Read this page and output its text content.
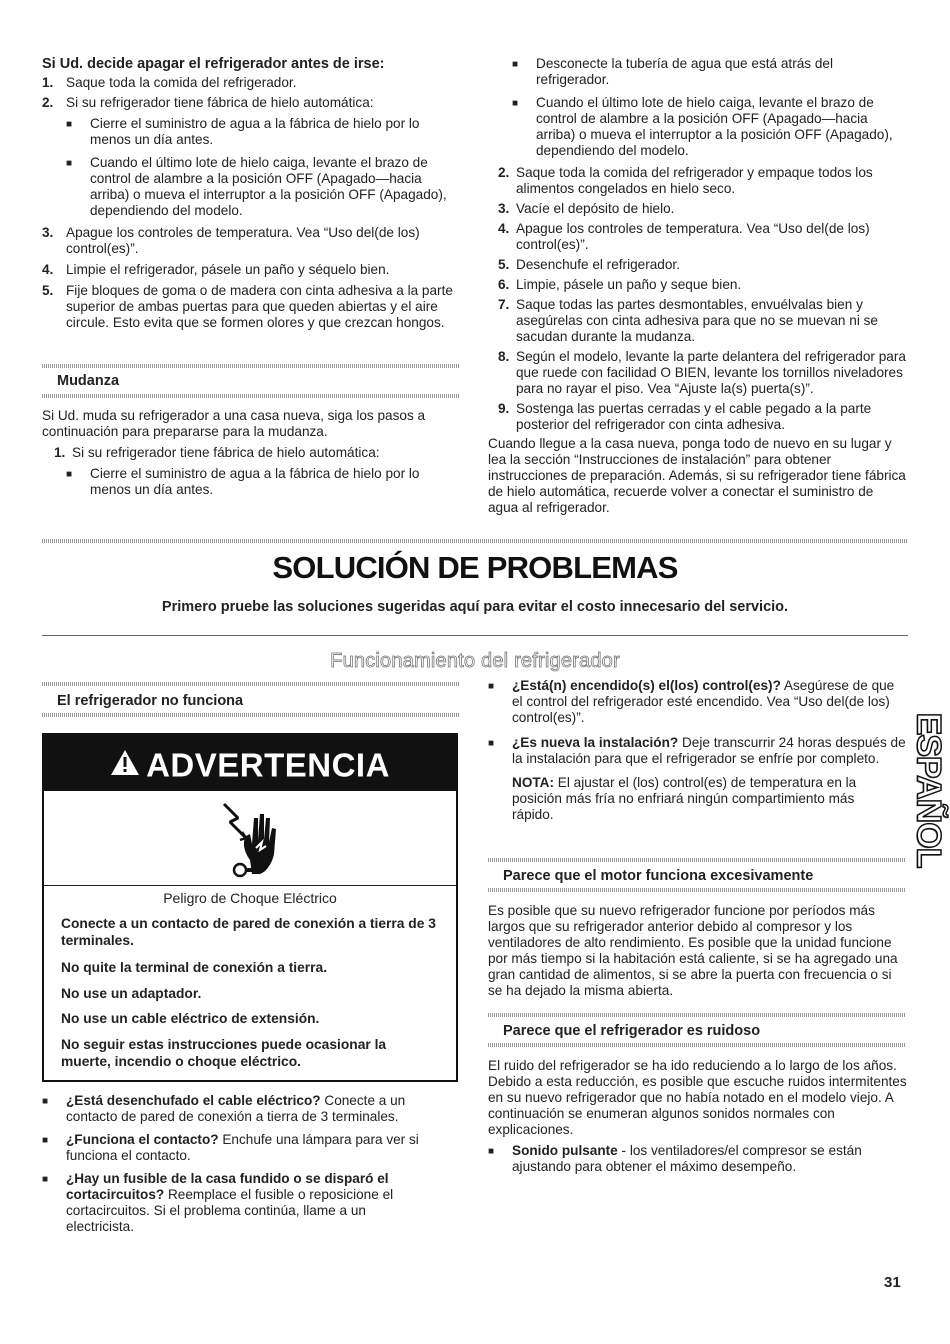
Si Ud. decide apagar el refrigerador antes de irse:

1. Saque toda la comida del refrigerador.

2. Si su refrigerador tiene fábrica de hielo automática:

■ Cierre el suministro de agua a la fábrica de hielo por lo menos un día antes.

■ Cuando el último lote de hielo caiga, levante el brazo de control de alambre a la posición OFF (Apagado—hacia arriba) o mueva el interruptor a la posición OFF (Apagado), dependiendo del modelo.

3. Apague los controles de temperatura. Vea “Uso del(de los) control(es)”.

4. Limpie el refrigerador, pásele un paño y séquelo bien.

5. Fije bloques de goma o de madera con cinta adhesiva a la parte superior de ambas puertas para que queden abiertas y el aire circule. Esto evita que se formen olores y que crezcan hongos.

Mudanza

Si Ud. muda su refrigerador a una casa nueva, siga los pasos a continuación para prepararse para la mudanza.

1. Si su refrigerador tiene fábrica de hielo automática:

■ Cierre el suministro de agua a la fábrica de hielo por lo menos un día antes.

■ Desconecte la tubería de agua que está atrás del refrigerador.

■ Cuando el último lote de hielo caiga, levante el brazo de control de alambre a la posición OFF (Apagado—hacia arriba) o mueva el interruptor a la posición OFF (Apagado), dependiendo del modelo.

2. Saque toda la comida del refrigerador y empaque todos los alimentos congelados en hielo seco.

3. Vacíe el depósito de hielo.

4. Apague los controles de temperatura. Vea “Uso del(de los) control(es)”.

5. Desenchufe el refrigerador.

6. Limpie, pásele un paño y seque bien.

7. Saque todas las partes desmontables, envuélvalas bien y asegúrelas con cinta adhesiva para que no se muevan ni se sacudan durante la mudanza.

8. Según el modelo, levante la parte delantera del refrigerador para que ruede con facilidad O BIEN, levante los tornillos niveladores para no rayar el piso. Vea “Ajuste la(s) puerta(s)”.

9. Sostenga las puertas cerradas y el cable pegado a la parte posterior del refrigerador con cinta adhesiva.

Cuando llegue a la casa nueva, ponga todo de nuevo en su lugar y lea la sección “Instrucciones de instalación” para obtener instrucciones de preparación. Además, si su refrigerador tiene fábrica de hielo automática, recuerde volver a conectar el suministro de agua al refrigerador.

SOLUCIÓN DE PROBLEMAS
Primero pruebe las soluciones sugeridas aquí para evitar el costo innecesario del servicio.
Funcionamiento del refrigerador
El refrigerador no funciona
ADVERTENCIA
Peligro de Choque Eléctrico
Conecte a un contacto de pared de conexión a tierra de 3 terminales.
No quite la terminal de conexión a tierra.
No use un adaptador.
No use un cable eléctrico de extensión.
No seguir estas instrucciones puede ocasionar la muerte, incendio o choque eléctrico.
■ ¿Está desenchufado el cable eléctrico? Conecte a un contacto de pared de conexión a tierra de 3 terminales.

■ ¿Funciona el contacto? Enchufe una lámpara para ver si funciona el contacto.

■ ¿Hay un fusible de la casa fundido o se disparó el cortacircuitos? Reemplace el fusible o reposicione el cortacircuitos. Si el problema continúa, llame a un electricista.

■ ¿Está(n) encendido(s) el(los) control(es)? Asegúrese de que el control del refrigerador esté encendido. Vea “Uso del(de los) control(es)”.

■ ¿Es nueva la instalación? Deje transcurrir 24 horas después de la instalación para que el refrigerador se enfríe por completo.

NOTA: El ajustar el (los) control(es) de temperatura en la posición más fría no enfriará ningún compartimiento más rápido.

Parece que el motor funciona excesivamente
Es posible que su nuevo refrigerador funcione por períodos más largos que su refrigerador anterior debido al compresor y los ventiladores de alto rendimiento. Es posible que la unidad funcione por más tiempo si la habitación está caliente, si se ha agregado una gran cantidad de alimentos, si se abre la puerta con frecuencia o si se ha dejado la misma abierta.
Parece que el refrigerador es ruidoso

El ruido del refrigerador se ha ido reduciendo a lo largo de los años. Debido a esta reducción, es posible que escuche ruidos intermitentes en su nuevo refrigerador que no había notado en el modelo viejo. A continuación se enumeran algunos sonidos normales con explicaciones.

■ Sonido pulsante - los ventiladores/el compresor se están ajustando para obtener el máximo desempeño.

ESPAÑOL
31
